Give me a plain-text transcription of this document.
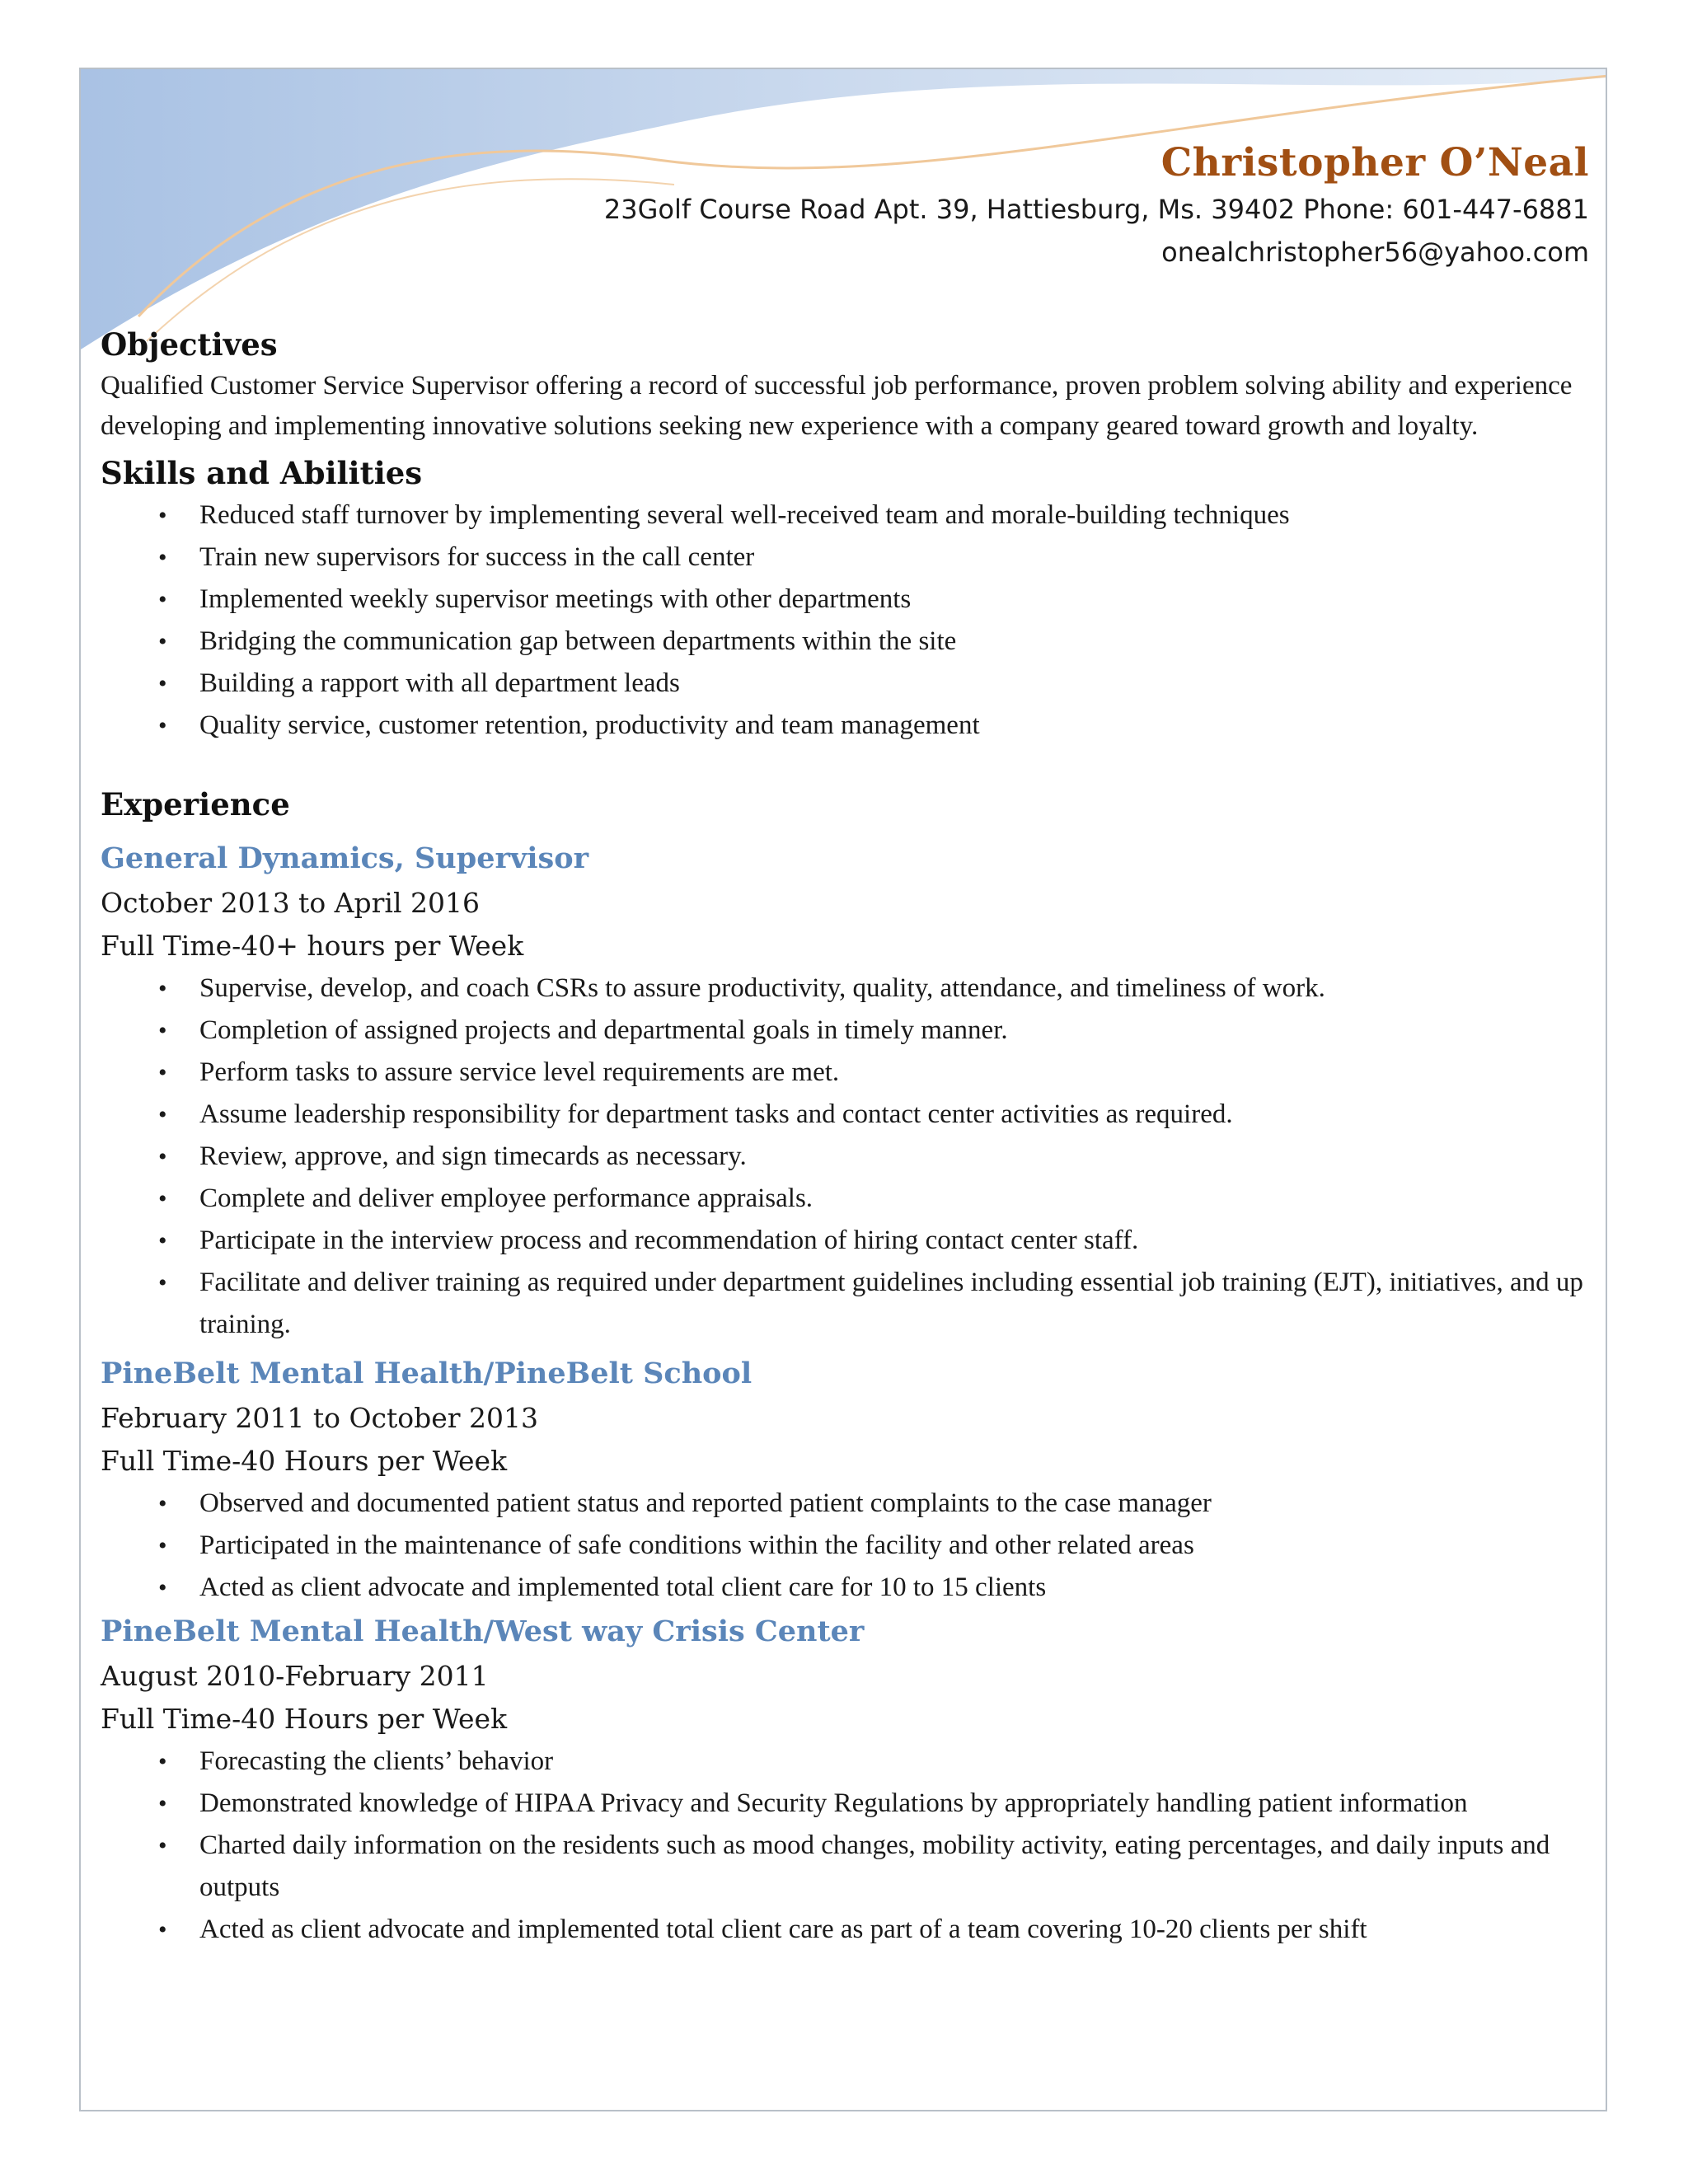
Christopher O’Neal
23Golf Course Road Apt. 39, Hattiesburg, Ms. 39402 Phone: 601-447-6881
onealchristopher56@yahoo.com
Objectives

Qualified Customer Service Supervisor offering a record of successful job performance, proven problem solving ability and experience developing and implementing innovative solutions seeking new experience with a company geared toward growth and loyalty.

Skills and Abilities
• Reduced staff turnover by implementing several well-received team and morale-building techniques
• Train new supervisors for success in the call center
• Implemented weekly supervisor meetings with other departments
• Bridging the communication gap between departments within the site
• Building a rapport with all department leads
• Quality service, customer retention, productivity and team management
Experience
General Dynamics, Supervisor

October 2013 to April 2016

Full Time-40+ hours per Week

• Supervise, develop, and coach CSRs to assure productivity, quality, attendance, and timeliness of work.
• Completion of assigned projects and departmental goals in timely manner.
• Perform tasks to assure service level requirements are met.
• Assume leadership responsibility for department tasks and contact center activities as required.
• Review, approve, and sign timecards as necessary.
• Complete and deliver employee performance appraisals.
• Participate in the interview process and recommendation of hiring contact center staff.
• Facilitate and deliver training as required under department guidelines including essential job training (EJT), initiatives, and up training.
PineBelt Mental Health/PineBelt School

February 2011 to October 2013

Full Time-40 Hours per Week

• Observed and documented patient status and reported patient complaints to the case manager
• Participated in the maintenance of safe conditions within the facility and other related areas
• Acted as client advocate and implemented total client care for 10 to 15 clients
PineBelt Mental Health/West way Crisis Center

August 2010-February 2011

Full Time-40 Hours per Week

• Forecasting the clients’ behavior
• Demonstrated knowledge of HIPAA Privacy and Security Regulations by appropriately handling patient information
• Charted daily information on the residents such as mood changes, mobility activity, eating percentages, and daily inputs and outputs
• Acted as client advocate and implemented total client care as part of a team covering 10-20 clients per shift
